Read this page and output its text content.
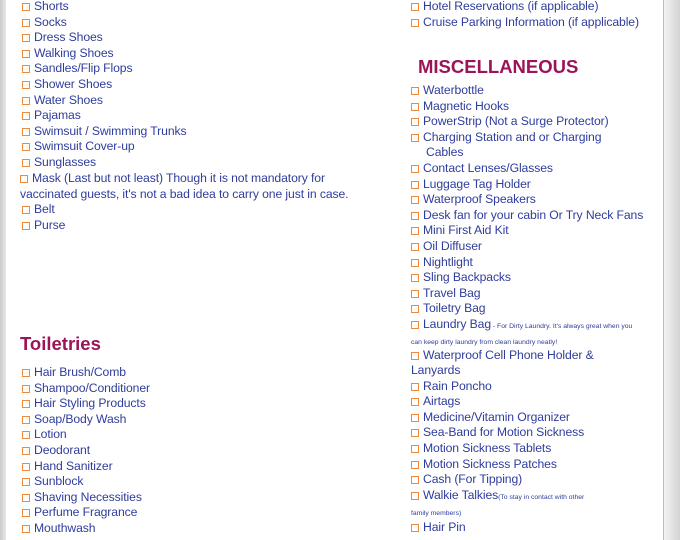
Shorts
Socks
Dress Shoes
Walking Shoes
Sandles/Flip Flops
Shower Shoes
Water Shoes
Pajamas
Swimsuit / Swimming Trunks
Swimsuit Cover-up
Sunglasses
Mask (Last but not least) Though it is not mandatory for
vaccinated guests, it's not a bad idea to carry one just in case.
Belt
Purse
Toiletries
Hair Brush/Comb
Shampoo/Conditioner
Hair Styling Products
Soap/Body Wash
Lotion
Deodorant
Hand Sanitizer
Sunblock
Shaving Necessities
Perfume Fragrance
Mouthwash
Hotel Reservations (if applicable)
Cruise Parking Information (if applicable)
MISCELLANEOUS
Waterbottle
Magnetic Hooks
PowerStrip (Not a Surge Protector)
Charging Station and or Charging
Cables
Contact Lenses/Glasses
Luggage Tag Holder
Waterproof Speakers
Desk fan for your cabin Or Try Neck Fans
Mini First Aid Kit
Oil Diffuser
Nightlight
Sling Backpacks
Travel Bag
Toiletry Bag
Laundry Bag - For Dirty Laundry. It's always great when you
can keep dirty laundry from clean laundry neatly!
Waterproof Cell Phone Holder &
Lanyards
Rain Poncho
Airtags
Medicine/Vitamin Organizer
Sea-Band for Motion Sickness
Motion Sickness Tablets
Motion Sickness Patches
Cash (For Tipping)
Walkie Talkies(To stay in contact with other
family members)
Hair Pin
